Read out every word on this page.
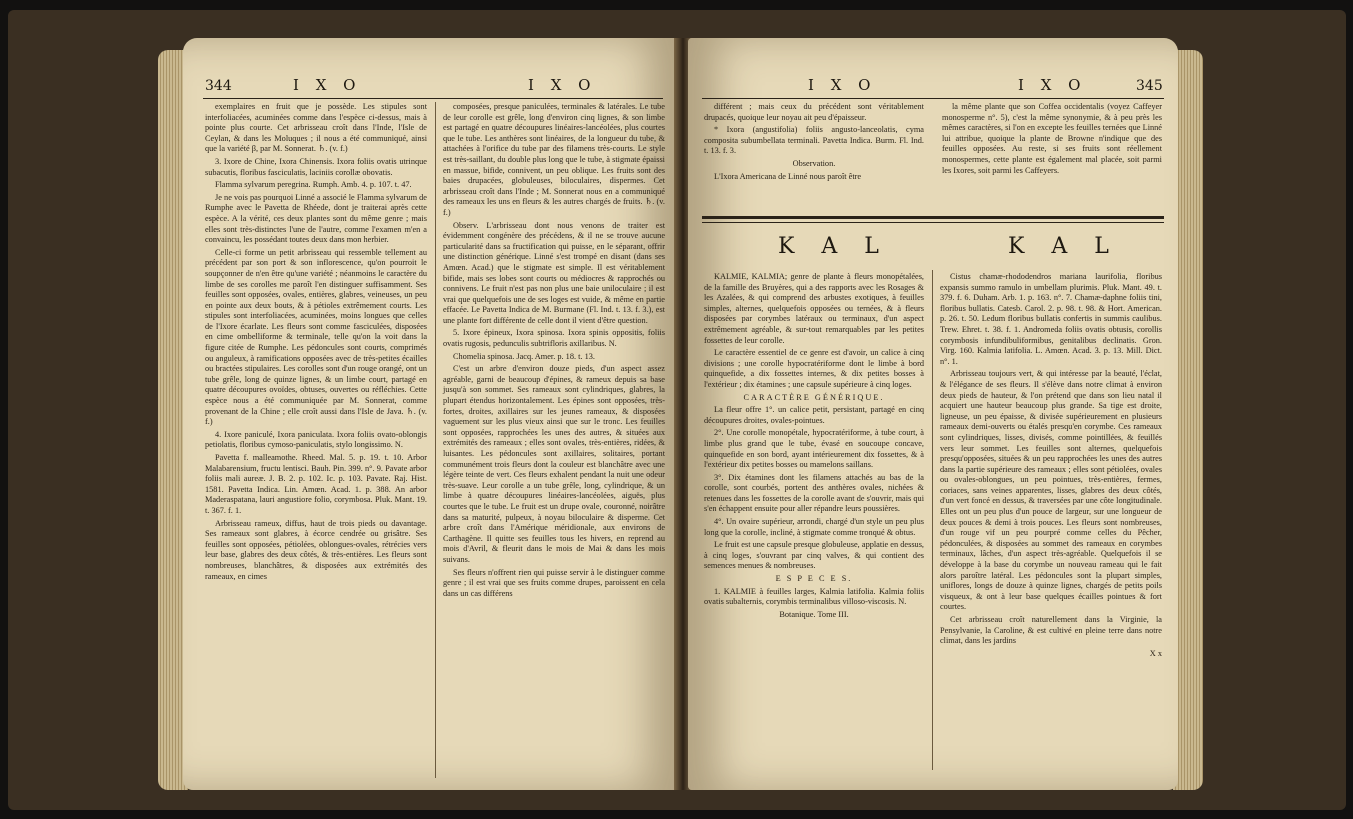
344	I X O	I X O

exemplaires en fruit que je possède. Les stipules sont interfoliacées, acuminées comme dans l'espèce ci-dessus, mais à pointe plus courte. Cet arbrisseau croît dans l'Inde, l'Isle de Ceylan, & dans les Moluques ; il nous a été communiqué, ainsi que la variété β, par M. Sonnerat. ♄. (v. f.)

3. Ixore de Chine, Ixora Chinensis. Ixora foliis ovatis utrinque subacutis, floribus fasciculatis, laciniis corollæ obovatis.

Flamma sylvarum peregrina. Rumph. Amb. 4. p. 107. t. 47.

Je ne vois pas pourquoi Linné a associé le Flamma sylvarum de Rumphe avec le Pavetta de Rhéede, dont je traiterai après cette espèce. A la vérité, ces deux plantes sont du même genre ; mais elles sont très-distinctes l'une de l'autre, comme l'examen m'en a convaincu, les possédant toutes deux dans mon herbier.

Celle-ci forme un petit arbrisseau qui ressemble tellement au précédent par son port & son inflorescence, qu'on pourroit le soupçonner de n'en être qu'une variété ; néanmoins le caractère du limbe de ses corolles me paroît l'en distinguer suffisamment. Ses feuilles sont opposées, ovales, entières, glabres, veineuses, un peu en pointe aux deux bouts, & à pétioles extrêmement courts. Les stipules sont interfoliacées, acuminées, moins longues que celles de l'Ixore écarlate. Les fleurs sont comme fasciculées, disposées en cime ombelliforme & terminale, telle qu'on la voit dans la figure citée de Rumphe. Les pédoncules sont courts, comprimés ou anguleux, à ramifications opposées avec de très-petites écailles ou bractées stipulaires. Les corolles sont d'un rouge orangé, ont un tube grêle, long de quinze lignes, & un limbe court, partagé en quatre découpures ovoïdes, obtuses, ouvertes ou réfléchies. Cette espèce nous a été communiquée par M. Sonnerat, comme provenant de la Chine ; elle croît aussi dans l'Isle de Java. ♄. (v. f.)

4. Ixore paniculé, Ixora paniculata. Ixora foliis ovato-oblongis petiolatis, floribus cymoso-paniculatis, stylo longissimo. N.

Pavetta f. malleamothe. Rheed. Mal. 5. p. 19. t. 10. Arbor Malabarensium, fructu lentisci. Bauh. Pin. 399. n°. 9. Pavate arbor foliis mali aureæ. J. B. 2. p. 102. Ic. p. 103. Pavate. Raj. Hist. 1581. Pavetta Indica. Lin. Amœn. Acad. 1. p. 388. An arbor Maderaspatana, lauri angustiore folio, corymbosa. Pluk. Mant. 19. t. 367. f. 1.

Arbrisseau rameux, diffus, haut de trois pieds ou davantage. Ses rameaux sont glabres, à écorce cendrée ou grisâtre. Ses feuilles sont opposées, pétiolées, oblongues-ovales, rétrécies vers leur base, glabres des deux côtés, & très-entières. Les fleurs sont nombreuses, blanchâtres, & disposées aux extrémités des rameaux, en cimes

composées, presque paniculées, terminales & latérales. Le tube de leur corolle est grêle, long d'environ cinq lignes, & son limbe est partagé en quatre découpures linéaires-lancéolées, plus courtes que le tube. Les anthères sont linéaires, de la longueur du tube, & attachées à l'orifice du tube par des filamens très-courts. Le style est très-saillant, du double plus long que le tube, à stigmate épaissi en massue, bifide, connivent, un peu oblique. Les fruits sont des baies drupacées, globuleuses, biloculaires, dispermes. Cet arbrisseau croît dans l'Inde ; M. Sonnerat nous en a communiqué des rameaux les uns en fleurs & les autres chargés de fruits. ♄. (v. f.)

Observ. L'arbrisseau dont nous venons de traiter est évidemment congénère des précédens, & il ne se trouve aucune particularité dans sa fructification qui puisse, en le séparant, offrir une distinction générique. Linné s'est trompé en disant (dans ses Amœn. Acad.) que le stigmate est simple. Il est véritablement bifide, mais ses lobes sont courts ou médiocres & rapprochés ou connivens. Le fruit n'est pas non plus une baie uniloculaire ; il est vrai que quelquefois une de ses loges est vuide, & même en partie effacée. Le Pavetta Indica de M. Burmane (Fl. Ind. t. 13. f. 3.), est une plante fort différente de celle dont il vient d'être question.

5. Ixore épineux, Ixora spinosa. Ixora spinis oppositis, foliis ovatis rugosis, pedunculis subtrifloris axillaribus. N.

Chomelia spinosa. Jacq. Amer. p. 18. t. 13.

C'est un arbre d'environ douze pieds, d'un aspect assez agréable, garni de beaucoup d'épines, & rameux depuis sa base jusqu'à son sommet. Ses rameaux sont cylindriques, glabres, la plupart étendus horizontalement. Les épines sont opposées, très-fortes, droites, axillaires sur les jeunes rameaux, & disposées vaguement sur les plus vieux ainsi que sur le tronc. Les feuilles sont opposées, rapprochées les unes des autres, & situées aux extrémités des rameaux ; elles sont ovales, très-entières, ridées, & luisantes. Les pédoncules sont axillaires, solitaires, portant communément trois fleurs dont la couleur est blanchâtre avec une légère teinte de vert. Ces fleurs exhalent pendant la nuit une odeur très-suave. Leur corolle a un tube grêle, long, cylindrique, & un limbe à quatre découpures linéaires-lancéolées, aiguës, plus courtes que le tube. Le fruit est un drupe ovale, couronné, noirâtre dans sa maturité, pulpeux, à noyau biloculaire & disperme. Cet arbre croît dans l'Amérique méridionale, aux environs de Carthagène. Il quitte ses feuilles tous les hivers, en reprend au mois d'Avril, & fleurit dans le mois de Mai & dans les mois suivans.

Ses fleurs n'offrent rien qui puisse servir à le distinguer comme genre ; il est vrai que ses fruits comme drupes, paroissent en cela dans un cas différens

I X O	I X O	345

différent ; mais ceux du précédent sont véritablement drupacés, quoique leur noyau ait peu d'épaisseur.

* Ixora (angustifolia) foliis angusto-lanceolatis, cyma composita subumbellata terminali. Pavetta Indica. Burm. Fl. Ind. t. 13. f. 3.

Observation.

L'Ixora Americana de Linné nous paroît être

la même plante que son Coffea occidentalis (voyez Caffeyer monosperme n°. 5), c'est la même synonymie, & à peu près les mêmes caractères, si l'on en excepte les feuilles ternées que Linné lui attribue, quoique la plante de Browne n'indique que des feuilles opposées. Au reste, si ses fruits sont réellement monospermes, cette plante est également mal placée, soit parmi les Ixores, soit parmi les Caffeyers.

K A L	K A L

KALMIE, KALMIA; genre de plante à fleurs monopétalées, de la famille des Bruyères, qui a des rapports avec les Rosages & les Azalées, & qui comprend des arbustes exotiques, à feuilles simples, alternes, quelquefois opposées ou ternées, & à fleurs disposées par corymbes latéraux ou terminaux, d'un aspect extrêmement agréable, & sur-tout remarquables par les petites fossettes de leur corolle.

Le caractère essentiel de ce genre est d'avoir, un calice à cinq divisions ; une corolle hypocratériforme dont le limbe à bord quinquefide, a dix fossettes internes, & dix petites bosses à l'extérieur ; dix étamines ; une capsule supérieure à cinq loges.

CARACTÈRE GÉNÉRIQUE.

La fleur offre 1°. un calice petit, persistant, partagé en cinq découpures droites, ovales-pointues.

2°. Une corolle monopétale, hypocratériforme, à tube court, à limbe plus grand que le tube, évasé en soucoupe concave, quinquefide en son bord, ayant intérieurement dix fossettes, & à l'extérieur dix petites bosses ou mamelons saillans.

3°. Dix étamines dont les filamens attachés au bas de la corolle, sont courbés, portent des anthères ovales, nichées & retenues dans les fossettes de la corolle avant de s'ouvrir, mais qui s'en échappent ensuite pour aller répandre leurs poussières.

4°. Un ovaire supérieur, arrondi, chargé d'un style un peu plus long que la corolle, incliné, à stigmate comme tronqué & obtus.

Le fruit est une capsule presque globuleuse, applatie en dessus, à cinq loges, s'ouvrant par cinq valves, & qui contient des semences menues & nombreuses.

E S P E C E S.

1. KALMIE à feuilles larges, Kalmia latifolia. Kalmia foliis ovatis subalternis, corymbis terminalibus villoso-viscosis. N.

Botanique. Tome III.

Cistus chamæ-rhododendros mariana laurifolia, floribus expansis summo ramulo in umbellam plurimis. Pluk. Mant. 49. t. 379. f. 6. Duham. Arb. 1. p. 163. n°. 7. Chamæ-daphne foliis tini, floribus bullatis. Catesb. Carol. 2. p. 98. t. 98. & Hort. American. p. 26. t. 50. Ledum floribus bullatis confertis in summis caulibus. Trew. Ehret. t. 38. f. 1. Andromeda foliis ovatis obtusis, corollis corymbosis infundibuliformibus, genitalibus declinatis. Gron. Virg. 160. Kalmia latifolia. L. Amœn. Acad. 3. p. 13. Mill. Dict. n°. 1.

Arbrisseau toujours vert, & qui intéresse par la beauté, l'éclat, & l'élégance de ses fleurs. Il s'élève dans notre climat à environ deux pieds de hauteur, & l'on prétend que dans son lieu natal il acquiert une hauteur beaucoup plus grande. Sa tige est droite, ligneuse, un peu épaisse, & divisée supérieurement en plusieurs rameaux demi-ouverts ou étalés presqu'en corymbe. Ces rameaux sont cylindriques, lisses, divisés, comme pointillées, & feuillés vers leur sommet. Les feuilles sont alternes, quelquefois presqu'opposées, situées & un peu rapprochées les unes des autres dans la partie supérieure des rameaux ; elles sont pétiolées, ovales ou ovales-oblongues, un peu pointues, très-entières, fermes, coriaces, sans veines apparentes, lisses, glabres des deux côtés, d'un vert foncé en dessus, & traversées par une côte longitudinale. Elles ont un peu plus d'un pouce de largeur, sur une longueur de deux pouces & demi à trois pouces. Les fleurs sont nombreuses, d'un rouge vif un peu pourpré comme celles du Pêcher, pédonculées, & disposées au sommet des rameaux en corymbes terminaux, lâches, d'un aspect très-agréable. Quelquefois il se développe à la base du corymbe un nouveau rameau qui le fait alors paroître latéral. Les pédoncules sont la plupart simples, uniflores, longs de douze à quinze lignes, chargés de petits poils visqueux, & ont à leur base quelques écailles pointues & fort courtes.

Cet arbrisseau croît naturellement dans la Virginie, la Pensylvanie, la Caroline, & est cultivé en pleine terre dans notre climat, dans les jardins

X x
